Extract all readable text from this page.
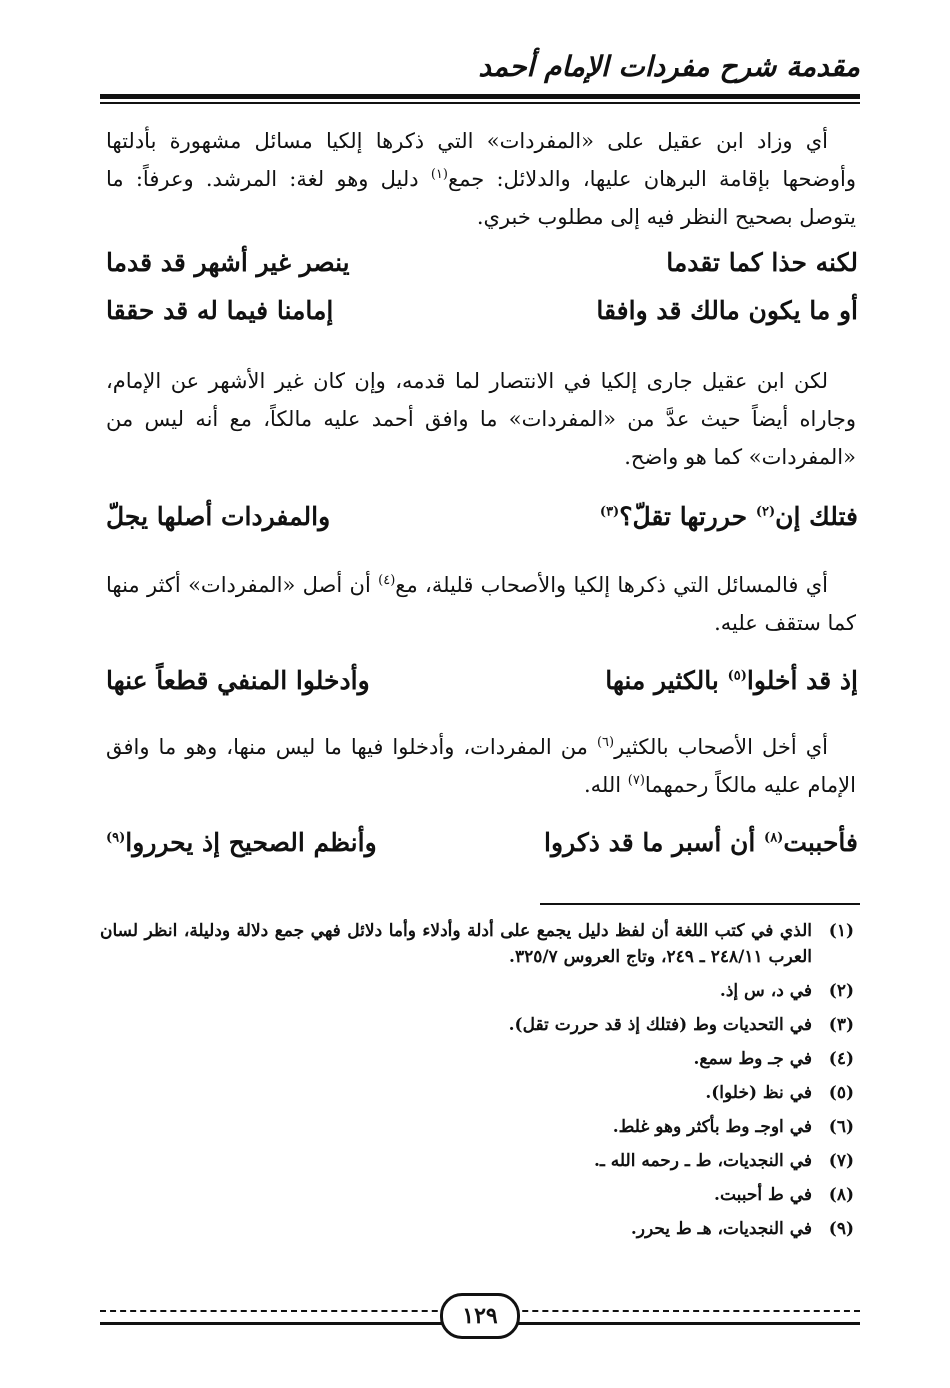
مقدمة شرح مفردات الإمام أحمد
أي وزاد ابن عقيل على «المفردات» التي ذكرها إلكيا مسائل مشهورة بأدلتها وأوضحها بإقامة البرهان عليها، والدلائل: جمع$^{(١)}$ دليل وهو لغة: المرشد. وعرفاً: ما يتوصل بصحيح النظر فيه إلى مطلوب خبري.
لكنه حذا كما تقدما
ينصر غير أشهر قد قدما
أو ما يكون مالك قد وافقا
إمامنا فيما له قد حققا
لكن ابن عقيل جارى إلكيا في الانتصار لما قدمه، وإن كان غير الأشهر عن الإمام، وجاراه أيضاً حيث عدَّ من «المفردات» ما وافق أحمد عليه مالكاً، مع أنه ليس من «المفردات» كما هو واضح.
فتلك إن$^{(٢)}$ حررتها تقلّ؟$^{(٣)}$
والمفردات أصلها يجلّ
أي فالمسائل التي ذكرها إلكيا والأصحاب قليلة، مع$^{(٤)}$ أن أصل «المفردات» أكثر منها كما ستقف عليه.
إذ قد أخلوا$^{(٥)}$ بالكثير منها
وأدخلوا المنفي قطعاً عنها
أي أخل الأصحاب بالكثير$^{(٦)}$ من المفردات، وأدخلوا فيها ما ليس منها، وهو ما وافق الإمام عليه مالكاً رحمهما$^{(٧)}$ الله.
فأحببت$^{(٨)}$ أن أسبر ما قد ذكروا
وأنظم الصحيح إذ يحرروا$^{(٩)}$
(١)
الذي في كتب اللغة أن لفظ دليل يجمع على أدلة وأدلاء وأما دلائل فهي جمع دلالة ودليلة، انظر لسان العرب ٢٤٨/١١ ـ ٢٤٩، وتاج العروس ٣٢٥/٧.
(٢)
في د، س إذ.
(٣)
في التحديات وط (فتلك إذ قد حررت تقل).
(٤)
في جـ وط سمع.
(٥)
في نظ (خلوا).
(٦)
في اوجـ وط بأكثر وهو غلط.
(٧)
في النجديات، ط ـ رحمه الله ـ.
(٨)
في ط أحببت.
(٩)
في النجديات، هـ ط يحرر.
١٢٩
